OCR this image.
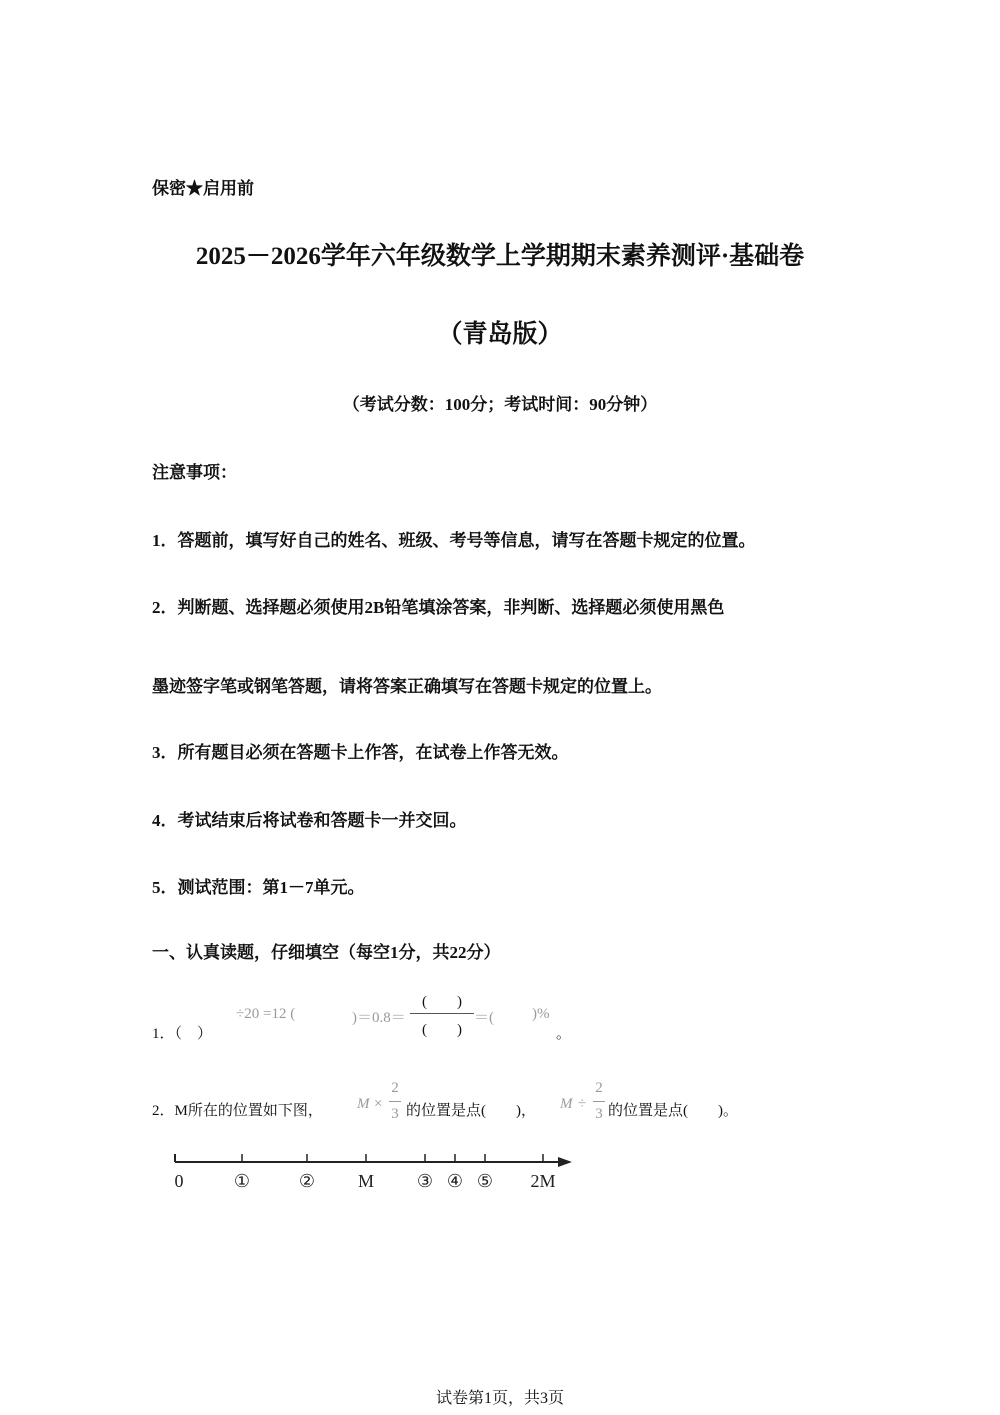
保密★启用前
2025－2026学年六年级数学上学期期末素养测评·基础卷
（青岛版）
（考试分数：100分；考试时间：90分钟）
注意事项：
1．答题前，填写好自己的姓名、班级、考号等信息，请写在答题卡规定的位置。
2．判断题、选择题必须使用2B铅笔填涂答案，非判断、选择题必须使用黑色
墨迹签字笔或钢笔答题，请将答案正确填写在答题卡规定的位置上。
3．所有题目必须在答题卡上作答，在试卷上作答无效。
4．考试结束后将试卷和答题卡一并交回。
5．测试范围：第1－7单元。
一、认真读题，仔细填空（每空1分，共22分）
1．（　）
÷20 =12 (	)＝0.8＝
(　　)
(　　)
＝(	)%
。
2．M所在的位置如下图， M ×
2
3 的位置是点(　　)， M ÷
2
3 的位置是点(　　)。
0	①	② M ③ ④ ⑤ 2M
试卷第1页，共3页
